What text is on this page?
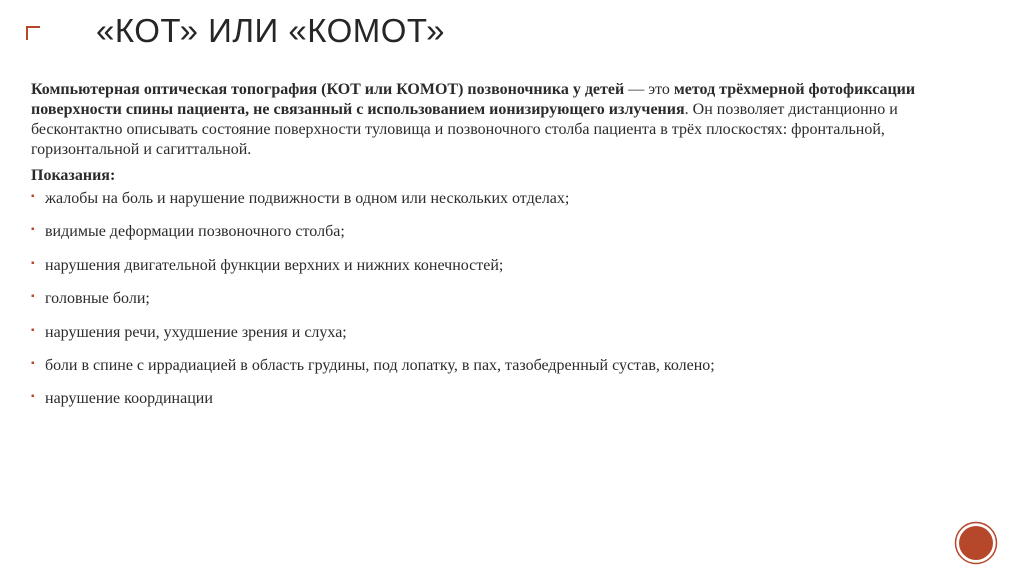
«КОТ» ИЛИ «КОМОТ»

Компьютерная оптическая топография (КОТ или КОМОТ) позвоночника у детей — это метод трёхмерной фотофиксации поверхности спины пациента, не связанный с использованием ионизирующего излучения. Он позволяет дистанционно и бесконтактно описывать состояние поверхности туловища и позвоночного столба пациента в трёх плоскостях: фронтальной, горизонтальной и сагиттальной.

Показания:

▪ жалобы на боль и нарушение подвижности в одном или нескольких отделах;
▪ видимые деформации позвоночного столба;
▪ нарушения двигательной функции верхних и нижних конечностей;
▪ головные боли;
▪ нарушения речи, ухудшение зрения и слуха;
▪ боли в спине с иррадиацией в область грудины, под лопатку, в пах, тазобедренный сустав, колено;
▪ нарушение координации
